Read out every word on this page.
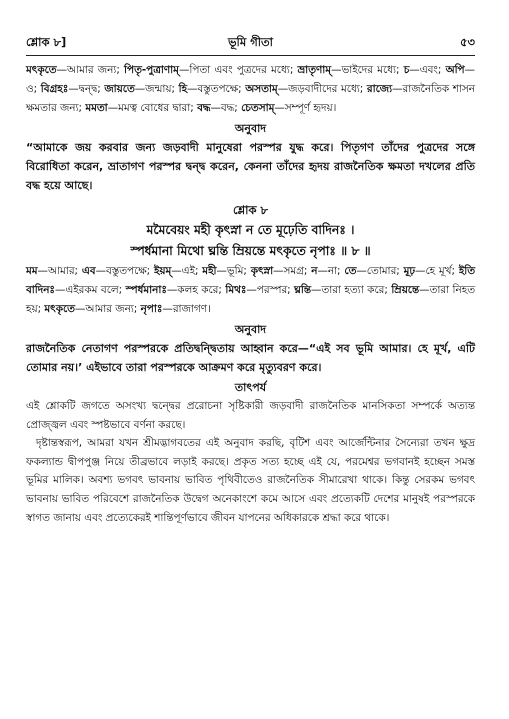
শ্লোক ৮]	ভূমি গীতা	৫৩

মৎকৃতে—আমার জন্য; পিতৃ-পুত্রাণাম্—পিতা এবং পুত্রদের মধ্যে; ভ্রাতৃণাম্—ভাইদের মধ্যে; চ—এবং; অপি—ও; বিগ্রহঃ—দ্বন্দ্ব; জায়তে—জন্মায়; হি—বস্তুতপক্ষে; অসতাম্—জড়বাদীদের মধ্যে; রাজ্যে—রাজনৈতিক শাসন ক্ষমতার জন্য; মমতা—মমত্ব বোধের দ্বারা; বদ্ধ—বদ্ধ; চেতসাম্—সম্পূর্ণ হৃদয়।

অনুবাদ

“আমাকে জয় করবার জন্য জড়বাদী মানুষেরা পরস্পর যুদ্ধ করে। পিতৃগণ তাঁদের পুত্রদের সঙ্গে বিরোধিতা করেন, ভ্রাতাগণ পরস্পর দ্বন্দ্ব করেন, কেননা তাঁদের হৃদয় রাজনৈতিক ক্ষমতা দখলের প্রতি বদ্ধ হয়ে আছে।

শ্লোক ৮
মমৈবেয়ং মহী কৃৎস্না ন তে মূঢ়েতি বাদিনঃ ।
স্পর্ধমানা মিথো ঘ্নন্তি ম্রিয়ন্তে মৎকৃতে নৃপাঃ ॥ ৮ ॥

মম—আমার; এব—বস্তুতপক্ষে; ইয়ম্—এই; মহী—ভূমি; কৃৎস্না—সমগ্র; ন—না; তে—তোমার; মূঢ়—হে মূর্খ; ইতি বাদিনঃ—এইরকম বলে; স্পর্ধমানাঃ—কলহ করে; মিথঃ—পরস্পর; ঘ্নন্তি—তারা হত্যা করে; ম্রিয়ন্তে—তারা নিহত হয়; মৎকৃতে—আমার জন্য; নৃপাঃ—রাজাগণ।

অনুবাদ

রাজনৈতিক নেতাগণ পরস্পরকে প্রতিদ্বন্দ্বিতায় আহ্বান করে—“এই সব ভূমি আমার। হে মূর্খ, এটি তোমার নয়।’ এইভাবে তারা পরস্পরকে আক্রমণ করে মৃত্যুবরণ করে।

তাৎপর্য

এই শ্লোকটি জগতে অসংখ্য দ্বন্দ্বের প্ররোচনা সৃষ্টিকারী জড়বাদী রাজনৈতিক মানসিকতা সম্পর্কে অত্যন্ত প্রোজ্জ্বল এবং স্পষ্টভাবে বর্ণনা করছে।

দৃষ্টান্তস্বরূপ, আমরা যখন শ্রীমদ্ভাগবতের এই অনুবাদ করছি, বৃটিশ এবং আর্জেন্টিনার সৈন্যেরা তখন ক্ষুদ্র ফকল্যান্ড দ্বীপপুঞ্জ নিয়ে তীব্রভাবে লড়াই করছে। প্রকৃত সত্য হচ্ছে এই যে, পরমেশ্বর ভগবানই হচ্ছেন সমস্ত ভূমির মালিক। অবশ্য ভগবৎ ভাবনায় ভাবিত পৃথিবীতেও রাজনৈতিক সীমারেখা থাকে। কিন্তু সেরকম ভগবৎ ভাবনায় ভাবিত পরিবেশে রাজনৈতিক উদ্বেগ অনেকাংশে কমে আসে এবং প্রত্যেকটি দেশের মানুষই পরস্পরকে স্বাগত জানায় এবং প্রত্যেকেরই শান্তিপূর্ণভাবে জীবন যাপনের অধিকারকে শ্রদ্ধা করে থাকে।
